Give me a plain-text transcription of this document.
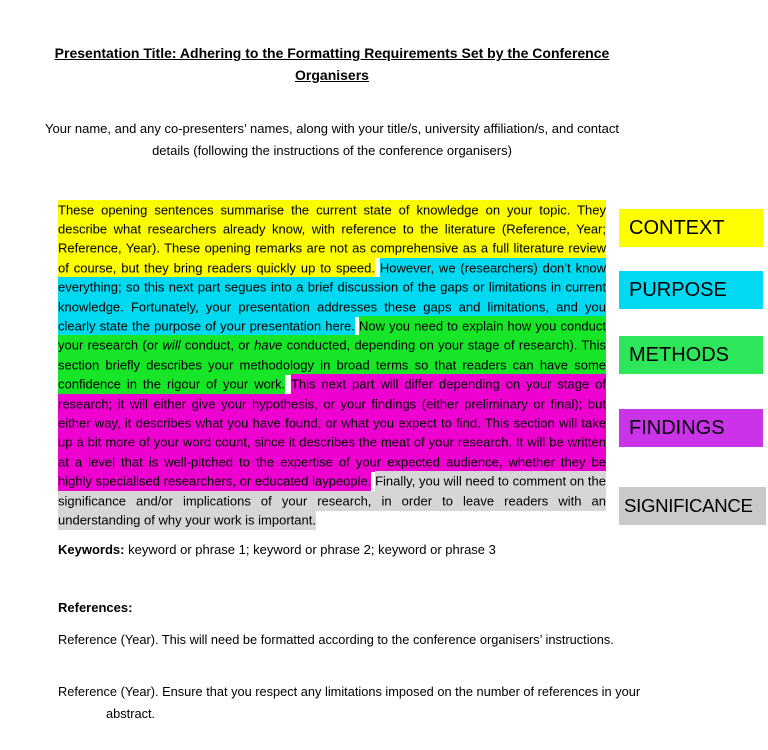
Presentation Title: Adhering to the Formatting Requirements Set by the Conference Organisers

Your name, and any co-presenters’ names, along with your title/s, university affiliation/s, and contact details (following the instructions of the conference organisers)

These opening sentences summarise the current state of knowledge on your topic. They describe what researchers already know, with reference to the literature (Reference, Year; Reference, Year). These opening remarks are not as comprehensive as a full literature review of course, but they bring readers quickly up to speed. However, we (researchers) don’t know everything; so this next part segues into a brief discussion of the gaps or limitations in current knowledge. Fortunately, your presentation addresses these gaps and limitations, and you clearly state the purpose of your presentation here. Now you need to explain how you conduct your research (or will conduct, or have conducted, depending on your stage of research). This section briefly describes your methodology in broad terms so that readers can have some confidence in the rigour of your work. This next part will differ depending on your stage of research; it will either give your hypothesis, or your findings (either preliminary or final); but either way, it describes what you have found, or what you expect to find. This section will take up a bit more of your word count, since it describes the meat of your research. It will be written at a level that is well-pitched to the expertise of your expected audience, whether they be highly specialised researchers, or educated laypeople. Finally, you will need to comment on the significance and/or implications of your research, in order to leave readers with an understanding of why your work is important.

Keywords: keyword or phrase 1; keyword or phrase 2; keyword or phrase 3

References:

Reference (Year). This will need be formatted according to the conference organisers’ instructions.

Reference (Year). Ensure that you respect any limitations imposed on the number of references in your abstract.

CONTEXT
PURPOSE
METHODS
FINDINGS
SIGNIFICANCE
